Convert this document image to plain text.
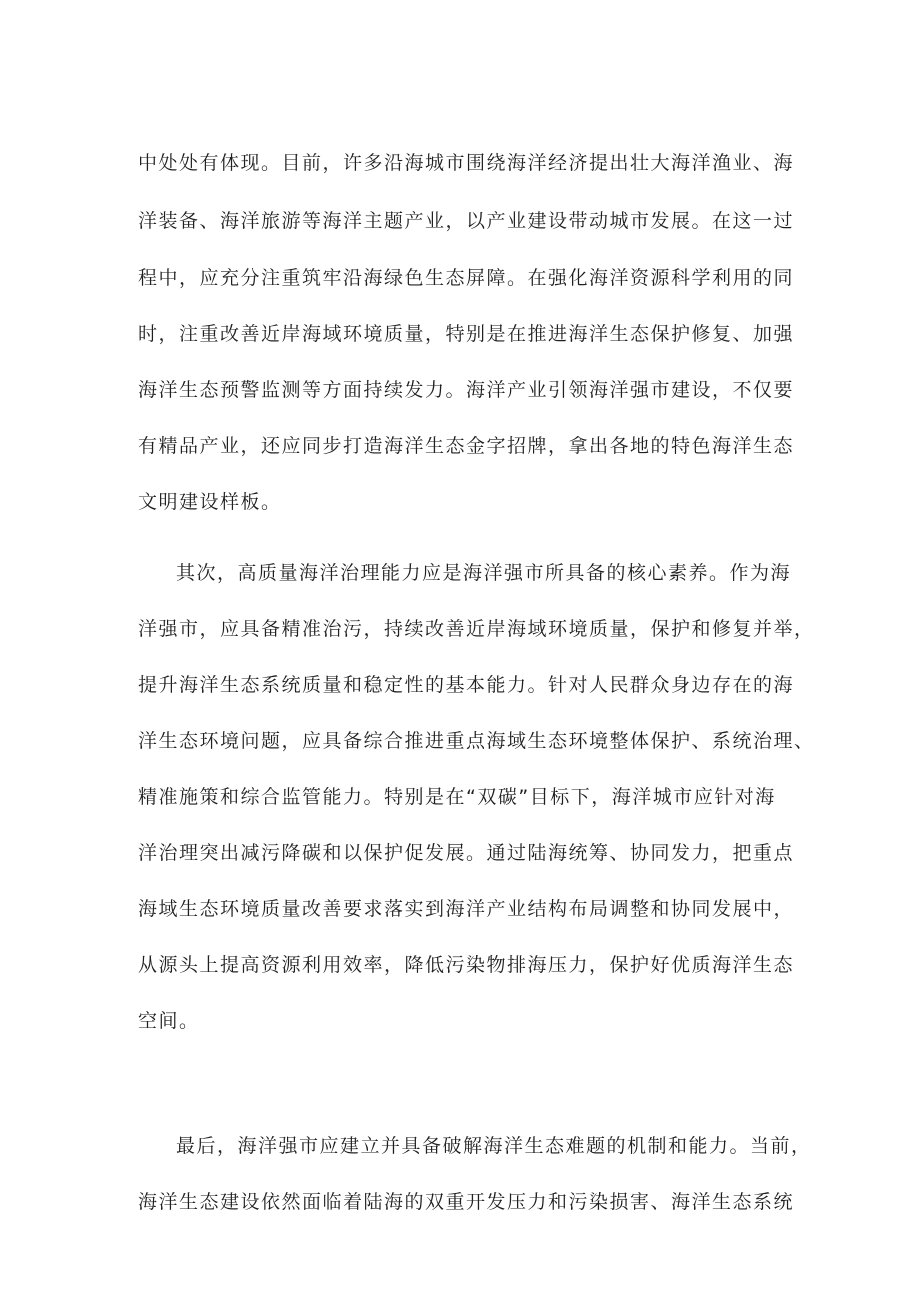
中处处有体现。目前，许多沿海城市围绕海洋经济提出壮大海洋渔业、海
洋装备、海洋旅游等海洋主题产业，以产业建设带动城市发展。在这一过
程中，应充分注重筑牢沿海绿色生态屏障。在强化海洋资源科学利用的同
时，注重改善近岸海域环境质量，特别是在推进海洋生态保护修复、加强
海洋生态预警监测等方面持续发力。海洋产业引领海洋强市建设，不仅要
有精品产业，还应同步打造海洋生态金字招牌，拿出各地的特色海洋生态
文明建设样板。
其次，高质量海洋治理能力应是海洋强市所具备的核心素养。作为海
洋强市，应具备精准治污，持续改善近岸海域环境质量，保护和修复并举，
提升海洋生态系统质量和稳定性的基本能力。针对人民群众身边存在的海
洋生态环境问题，应具备综合推进重点海域生态环境整体保护、系统治理、
精准施策和综合监管能力。特别是在“双碳”目标下，海洋城市应针对海
洋治理突出减污降碳和以保护促发展。通过陆海统筹、协同发力，把重点
海域生态环境质量改善要求落实到海洋产业结构布局调整和协同发展中，
从源头上提高资源利用效率，降低污染物排海压力，保护好优质海洋生态
空间。
最后，海洋强市应建立并具备破解海洋生态难题的机制和能力。当前，
海洋生态建设依然面临着陆海的双重开发压力和污染损害、海洋生态系统
